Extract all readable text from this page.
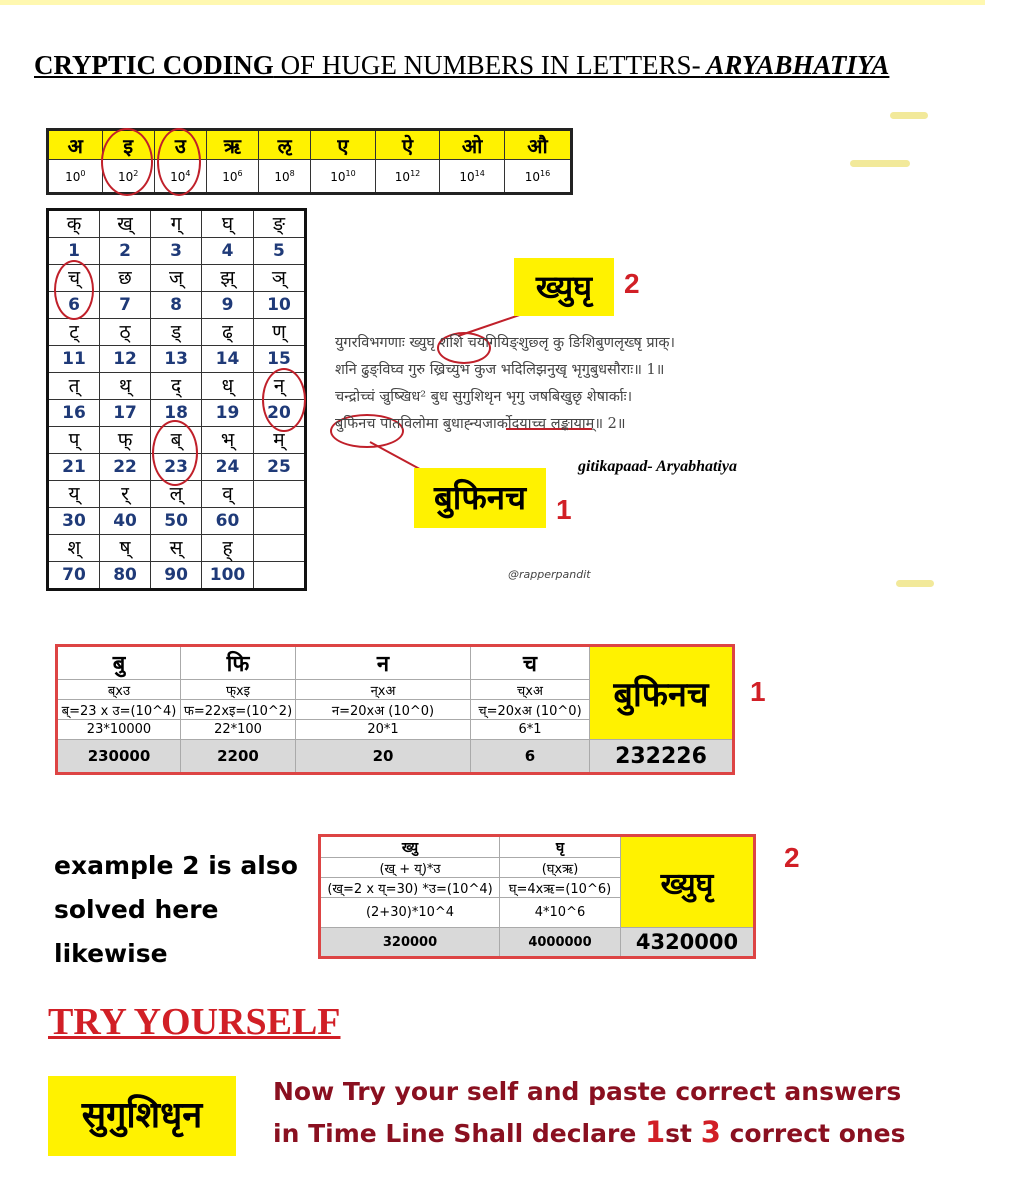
CRYPTIC CODING OF HUGE NUMBERS IN LETTERS- ARYABHATIYA
अ	इ	उ	ऋ	ऌ	ए	ऐ	ओ	औ
$10^0$	$10^2$	$10^4$	$10^6$	$10^8$	$10^{10}$	$10^{12}$	$10^{14}$	$10^{16}$
क्	ख्	ग्	घ्	ङ्
1	2	3	4	5
च्	छ	ज्	झ्	ञ्
6	7	8	9	10
ट्	ठ्	ड्	ढ्	ण्
11	12	13	14	15
त्	थ्	द्	ध्	न्
16	17	18	19	20
प्	फ्	ब्	भ्	म्
21	22	23	24	25
य्	र्	ल्	व्	
30	40	50	60	
श्	ष्	स्	ह्	
70	80	90	100	
ख्युघृ	2
युगरविभगणाः ख्युघृ शशि चयगियिङ्शुछ्लृ कु ङिशिबुणलृख्षृ प्राक्।
शनि ढुङ्विघ्व गुरु ख्रिच्युभ कुज भदिलिझनुखृ भृगुबुधसौराः॥ 1॥
चन्द्रोच्चं ज्रुष्खिध² बुध सुगुशिथृन भृगु जषबिखुछृ शेषार्काः।
बुफिनच पातविलोमा बुधाह्न्यजार्कोदयाच्च लङ्कायाम्॥ 2॥
gitikapaad- Aryabhatiya
बुफिनच	1
@rapperpandit
बु	फि	न	च	बुफिनच
ब्xउ	फ्xइ	न्xअ	च्xअ	
ब्=23 x उ=(10^4)	फ=22xइ=(10^2)	न=20xअ (10^0)	च्=20xअ (10^0)	
23*10000	22*100	20*1	6*1	
230000	2200	20	6	232226
1
example 2 is also
solved here
likewise
ख्यु	घृ	ख्युघृ
(ख् + य्)*उ	(घ्xऋ)	
(ख्=2 x य्=30) *उ=(10^4)	घ्=4xऋ=(10^6)	
(2+30)*10^4	4*10^6	
320000	4000000	4320000
2
TRY YOURSELF
सुगुशिधृन
Now Try your self and paste correct answers
in Time Line Shall declare 1st 3 correct ones
